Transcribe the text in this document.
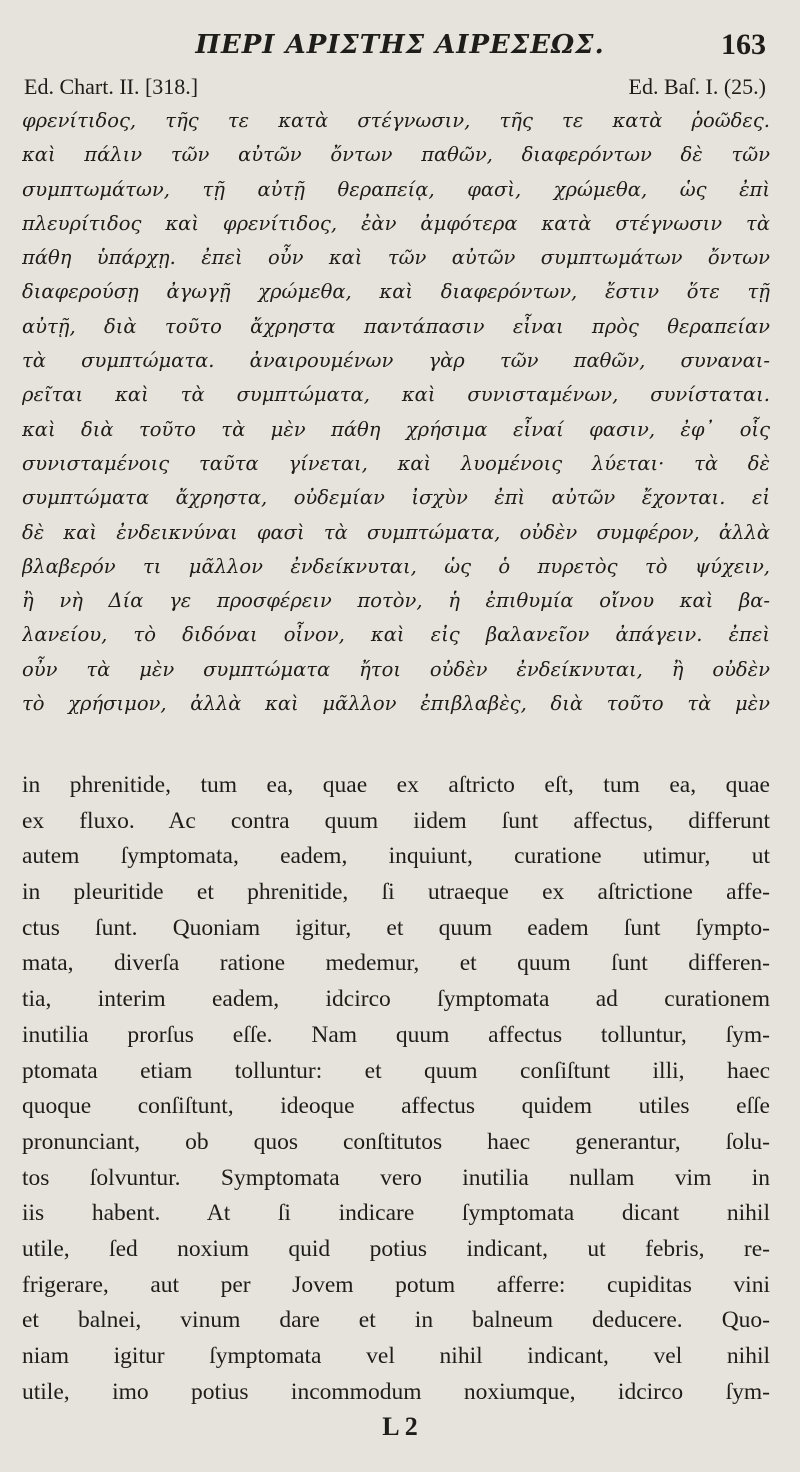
ΠΕΡΙ ΑΡΙΣΤΗΣ ΑΙΡΕΣΕΩΣ.	163
Ed. Chart. II. [318.]	Ed. Baſ. I. (25.)
φρενίτιδος, τῆς τε κατὰ στέγνωσιν, τῆς τε κατὰ ῥοῶδες.
καὶ πάλιν τῶν αὐτῶν ὄντων παθῶν, διαφερόντων δὲ τῶν
συμπτωμάτων, τῇ αὐτῇ θεραπείᾳ, φασὶ, χρώμεθα, ὡς ἐπὶ
πλευρίτιδος καὶ φρενίτιδος, ἐὰν ἀμφότερα κατὰ στέγνωσιν τὰ
πάθη ὑπάρχῃ. ἐπεὶ οὖν καὶ τῶν αὐτῶν συμπτωμάτων ὄντων
διαφερούσῃ ἀγωγῇ χρώμεθα, καὶ διαφερόντων, ἔστιν ὅτε τῇ
αὐτῇ, διὰ τοῦτο ἄχρηστα παντάπασιν εἶναι πρὸς θεραπείαν
τὰ συμπτώματα. ἀναιρουμένων γὰρ τῶν παθῶν, συναναι-
ρεῖται καὶ τὰ συμπτώματα, καὶ συνισταμένων, συνίσταται.
καὶ διὰ τοῦτο τὰ μὲν πάθη χρήσιμα εἶναί φασιν, ἐφ᾽ οἷς
συνισταμένοις ταῦτα γίνεται, καὶ λυομένοις λύεται· τὰ δὲ
συμπτώματα ἄχρηστα, οὐδεμίαν ἰσχὺν ἐπὶ αὐτῶν ἔχονται. εἰ
δὲ καὶ ἐνδεικνύναι φασὶ τὰ συμπτώματα, οὐδὲν συμφέρον, ἀλλὰ
βλαβερόν τι μᾶλλον ἐνδείκνυται, ὡς ὁ πυρετὸς τὸ ψύχειν,
ἢ νὴ Δία γε προσφέρειν ποτὸν, ἡ ἐπιθυμία οἴνου καὶ βα-
λανείου, τὸ διδόναι οἶνον, καὶ εἰς βαλανεῖον ἀπάγειν. ἐπεὶ
οὖν τὰ μὲν συμπτώματα ἤτοι οὐδὲν ἐνδείκνυται, ἢ οὐδὲν
τὸ χρήσιμον, ἀλλὰ καὶ μᾶλλον ἐπιβλαβὲς, διὰ τοῦτο τὰ μὲν
in phrenitide, tum ea, quae ex aſtricto eſt, tum ea, quae
ex fluxo. Ac contra quum iidem ſunt affectus, differunt
autem ſymptomata, eadem, inquiunt, curatione utimur, ut
in pleuritide et phrenitide, ſi utraeque ex aſtrictione affe-
ctus ſunt. Quoniam igitur, et quum eadem ſunt ſympto-
mata, diverſa ratione medemur, et quum ſunt differen-
tia, interim eadem, idcirco ſymptomata ad curationem
inutilia prorſus eſſe. Nam quum affectus tolluntur, ſym-
ptomata etiam tolluntur: et quum conſiſtunt illi, haec
quoque conſiſtunt, ideoque affectus quidem utiles eſſe
pronunciant, ob quos conſtitutos haec generantur, ſolu-
tos ſolvuntur. Symptomata vero inutilia nullam vim in
iis habent. At ſi indicare ſymptomata dicant nihil
utile, ſed noxium quid potius indicant, ut febris, re-
frigerare, aut per Jovem potum afferre: cupiditas vini
et balnei, vinum dare et in balneum deducere. Quo-
niam igitur ſymptomata vel nihil indicant, vel nihil
utile, imo potius incommodum noxiumque, idcirco ſym-
L 2
